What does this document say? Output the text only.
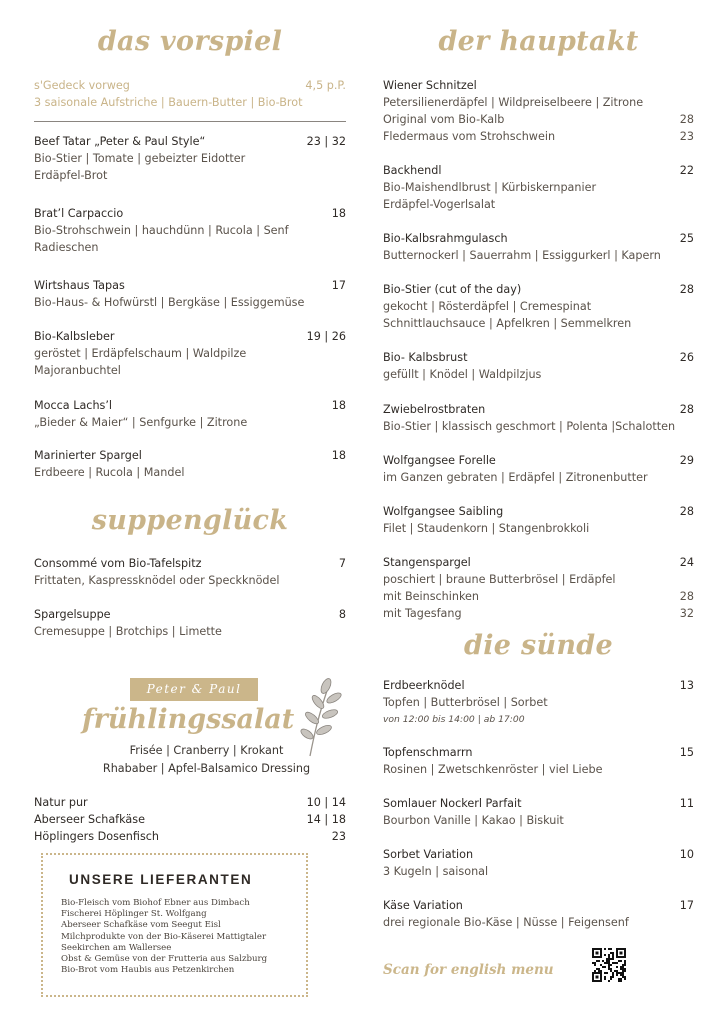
das vorspiel
s'Gedeck vorweg	4,5 p.P.
3 saisonale Aufstriche | Bauern-Butter | Bio-Brot
Beef Tatar „Peter & Paul Style“	23 | 32
Bio-Stier | Tomate | gebeizter Eidotter
Erdäpfel-Brot
Brat’l Carpaccio	18
Bio-Strohschwein | hauchdünn | Rucola | Senf
Radieschen
Wirtshaus Tapas	17
Bio-Haus- & Hofwürstl | Bergkäse | Essiggemüse
Bio-Kalbsleber	19 | 26
geröstet | Erdäpfelschaum | Waldpilze
Majoranbuchtel
Mocca Lachs’l	18
„Bieder & Maier“ | Senfgurke | Zitrone
Marinierter Spargel	18
Erdbeere | Rucola | Mandel
suppenglück
Consommé vom Bio-Tafelspitz	7
Frittaten, Kaspressknödel oder Speckknödel
Spargelsuppe	8
Cremesuppe | Brotchips | Limette
Peter & Paul
frühlingssalat
Frisée | Cranberry | Krokant
Rhababer | Apfel-Balsamico Dressing
Natur pur	10 | 14
Aberseer Schafkäse	14 | 18
Höplingers Dosenfisch	23
UNSERE LIEFERANTEN
Bio-Fleisch vom Biohof Ebner aus Dimbach
Fischerei Höplinger St. Wolfgang
Aberseer Schafkäse vom Seegut Eisl
Milchprodukte von der Bio-Käserei Mattigtaler
Seekirchen am Wallersee
Obst & Gemüse von der Frutteria aus Salzburg
Bio-Brot vom Haubis aus Petzenkirchen
der hauptakt
Wiener Schnitzel
Petersilienerdäpfel | Wildpreiselbeere | Zitrone
Original vom Bio-Kalb	28
Fledermaus vom Strohschwein	23
Backhendl	22
Bio-Maishendlbrust | Kürbiskernpanier
Erdäpfel-Vogerlsalat
Bio-Kalbsrahmgulasch	25
Butternockerl | Sauerrahm | Essiggurkerl | Kapern
Bio-Stier (cut of the day)	28
gekocht | Rösterdäpfel | Cremespinat
Schnittlauchsauce | Apfelkren | Semmelkren
Bio- Kalbsbrust	26
gefüllt | Knödel | Waldpilzjus
Zwiebelrostbraten	28
Bio-Stier | klassisch geschmort | Polenta |Schalotten
Wolfgangsee Forelle	29
im Ganzen gebraten | Erdäpfel | Zitronenbutter
Wolfgangsee Saibling	28
Filet | Staudenkorn | Stangenbrokkoli
Stangenspargel	24
poschiert | braune Butterbrösel | Erdäpfel
mit Beinschinken	28
mit Tagesfang	32
die sünde
Erdbeerknödel	13
Topfen | Butterbrösel | Sorbet
von 12:00 bis 14:00 | ab 17:00
Topfenschmarrn	15
Rosinen | Zwetschkenröster | viel Liebe
Somlauer Nockerl Parfait	11
Bourbon Vanille | Kakao | Biskuit
Sorbet Variation	10
3 Kugeln | saisonal
Käse Variation	17
drei regionale Bio-Käse | Nüsse | Feigensenf
Scan for english menu
